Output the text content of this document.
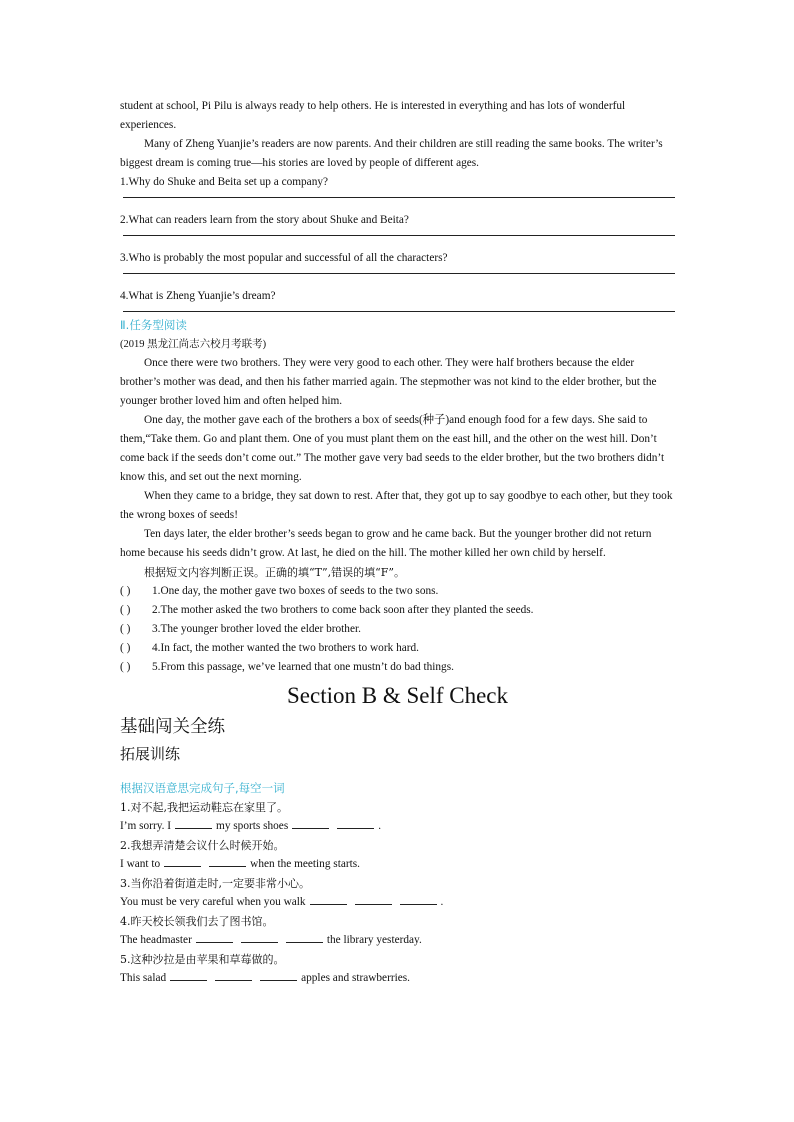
student at school, Pi Pilu is always ready to help others. He is interested in everything and has lots of wonderful experiences.

Many of Zheng Yuanjie’s readers are now parents. And their children are still reading the same books. The writer’s biggest dream is coming true—his stories are loved by people of different ages.

1.Why do Shuke and Beita set up a company?

2.What can readers learn from the story about Shuke and Beita?

3.Who is probably the most popular and successful of all the characters?

4.What is Zheng Yuanjie’s dream?

Ⅱ.任务型阅读

(2019 黑龙江尚志六校月考联考)

Once there were two brothers. They were very good to each other. They were half brothers because the elder brother’s mother was dead, and then his father married again. The stepmother was not kind to the elder brother, but the younger brother loved him and often helped him.

One day, the mother gave each of the brothers a box of seeds(种子)and enough food for a few days. She said to them,“Take them. Go and plant them. One of you must plant them on the east hill, and the other on the west hill. Don’t come back if the seeds don’t come out.” The mother gave very bad seeds to the elder brother, but the two brothers didn’t know this, and set out the next morning.

When they came to a bridge, they sat down to rest. After that, they got up to say goodbye to each other, but they took the wrong boxes of seeds!

Ten days later, the elder brother’s seeds began to grow and he came back. But the younger brother did not return home because his seeds didn’t grow. At last, he died on the hill. The mother killed her own child by herself.

根据短文内容判断正误。正确的填“T”,错误的填“F”。

( )	1.One day, the mother gave two boxes of seeds to the two sons.
( )	2.The mother asked the two brothers to come back soon after they planted the seeds.
( )	3.The younger brother loved the elder brother.
( )	4.In fact, the mother wanted the two brothers to work hard.
( )	5.From this passage, we’ve learned that one mustn’t do bad things.

Section B & Self Check

基础闯关全练

拓展训练

根据汉语意思完成句子,每空一词

1.对不起,我把运动鞋忘在家里了。

I’m sorry. I	my sports shoes	.

2.我想弄清楚会议什么时候开始。

I want to	when the meeting starts.

3.当你沿着街道走时,一定要非常小心。

You must be very careful when you walk	.

4.昨天校长领我们去了图书馆。

The headmaster	the library yesterday.

5.这种沙拉是由苹果和草莓做的。

This salad	apples and strawberries.
